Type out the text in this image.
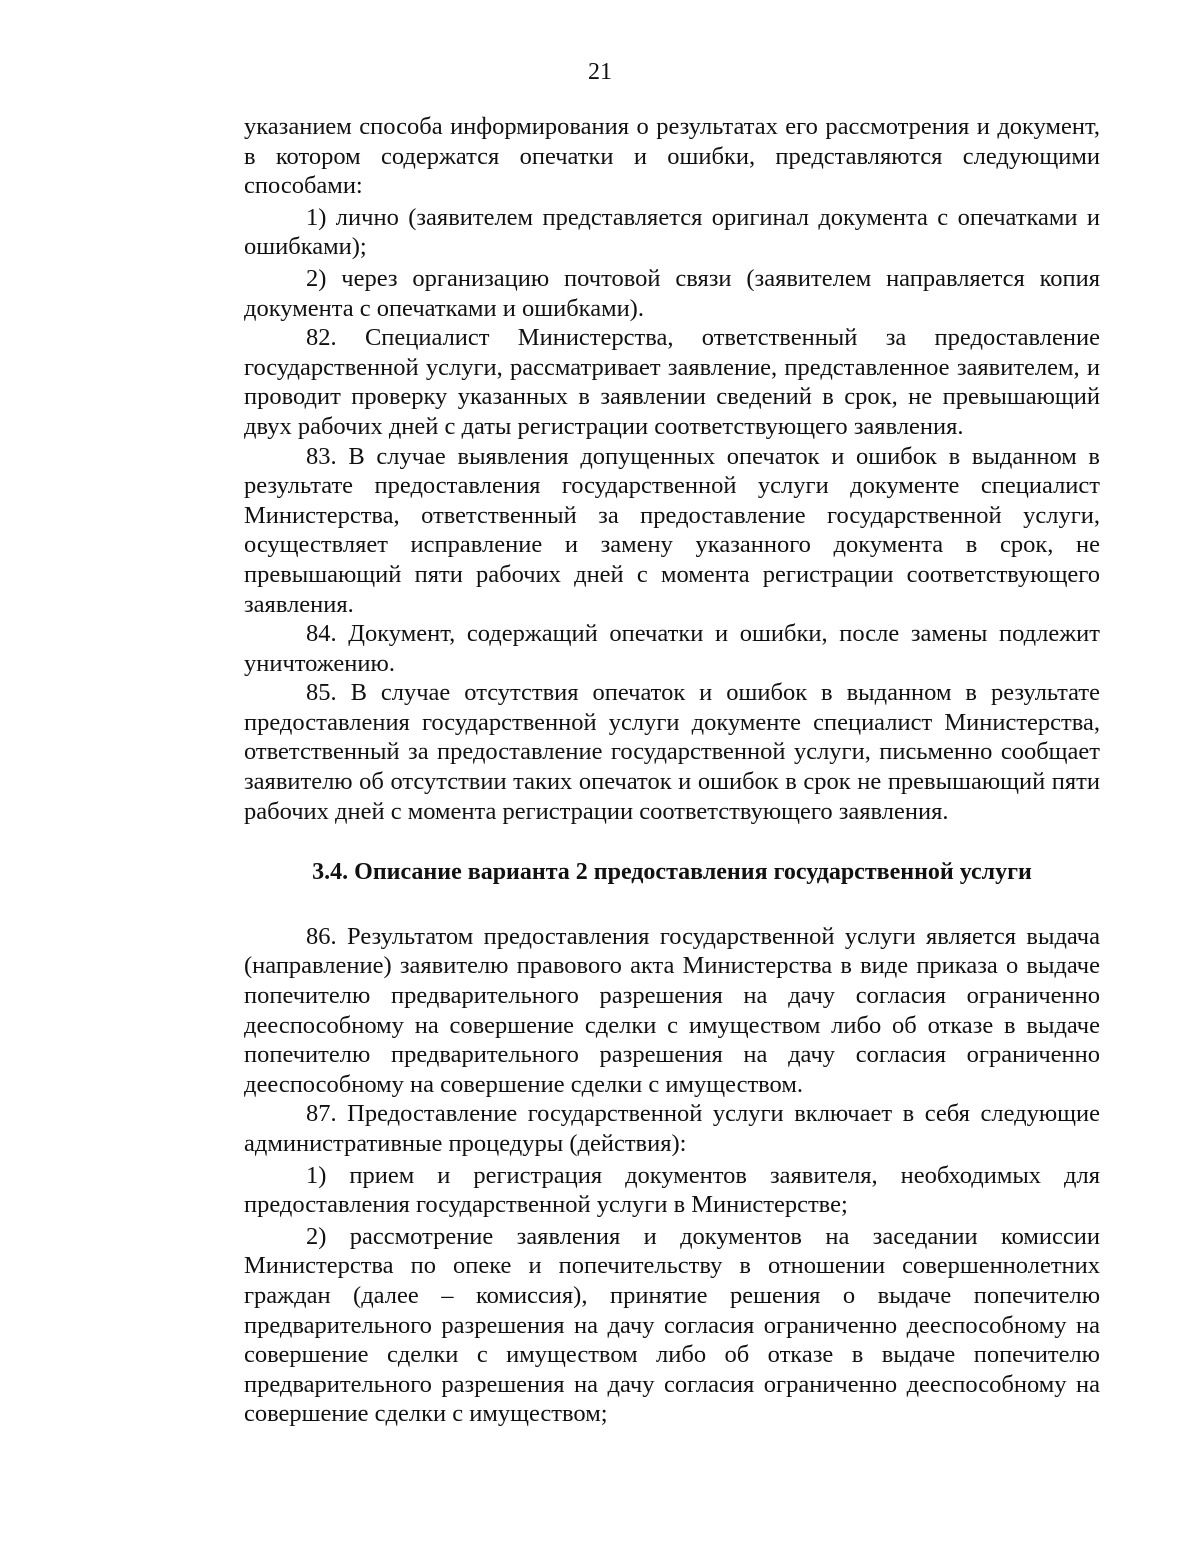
21

указанием способа информирования о результатах его рассмотрения и документ, в котором содержатся опечатки и ошибки, представляются следующими способами:

1) лично (заявителем представляется оригинал документа с опечатками и ошибками);

2) через организацию почтовой связи (заявителем направляется копия документа с опечатками и ошибками).

82. Специалист Министерства, ответственный за предоставление государственной услуги, рассматривает заявление, представленное заявителем, и проводит проверку указанных в заявлении сведений в срок, не превышающий двух рабочих дней с даты регистрации соответствующего заявления.

83. В случае выявления допущенных опечаток и ошибок в выданном в результате предоставления государственной услуги документе специалист Министерства, ответственный за предоставление государственной услуги, осуществляет исправление и замену указанного документа в срок, не превышающий пяти рабочих дней с момента регистрации соответствующего заявления.

84. Документ, содержащий опечатки и ошибки, после замены подлежит уничтожению.

85. В случае отсутствия опечаток и ошибок в выданном в результате предоставления государственной услуги документе специалист Министерства, ответственный за предоставление государственной услуги, письменно сообщает заявителю об отсутствии таких опечаток и ошибок в срок не превышающий пяти рабочих дней с момента регистрации соответствующего заявления.

3.4. Описание варианта 2 предоставления государственной услуги

86. Результатом предоставления государственной услуги является выдача (направление) заявителю правового акта Министерства в виде приказа о выдаче попечителю предварительного разрешения на дачу согласия ограниченно дееспособному на совершение сделки с имуществом либо об отказе в выдаче попечителю предварительного разрешения на дачу согласия ограниченно дееспособному на совершение сделки с имуществом.

87. Предоставление государственной услуги включает в себя следующие административные процедуры (действия):

1) прием и регистрация документов заявителя, необходимых для предоставления государственной услуги в Министерстве;

2) рассмотрение заявления и документов на заседании комиссии Министерства по опеке и попечительству в отношении совершеннолетних граждан (далее – комиссия), принятие решения о выдаче попечителю предварительного разрешения на дачу согласия ограниченно дееспособному на совершение сделки с имуществом либо об отказе в выдаче попечителю предварительного разрешения на дачу согласия ограниченно дееспособному на совершение сделки с имуществом;
